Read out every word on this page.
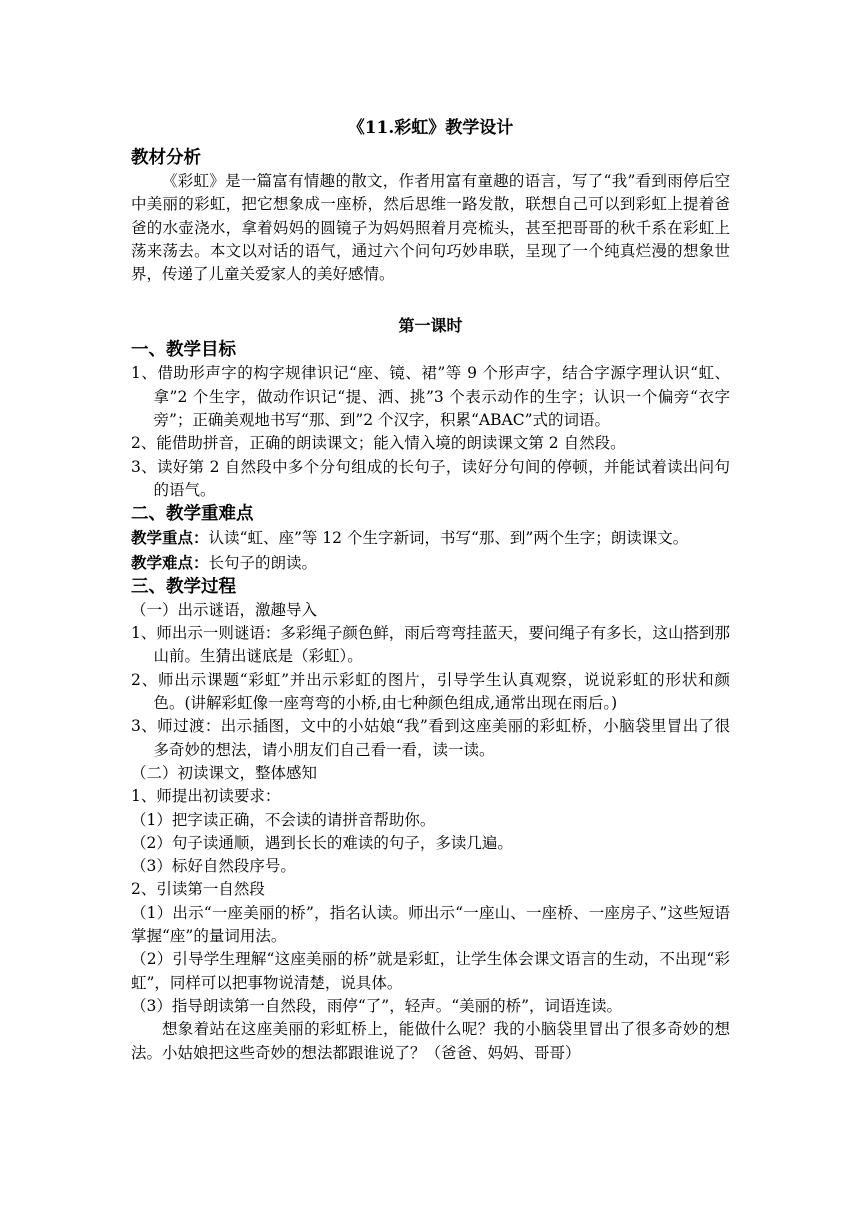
《11.彩虹》教学设计

教材分析

《彩虹》是一篇富有情趣的散文，作者用富有童趣的语言，写了“我”看到雨停后空中美丽的彩虹，把它想象成一座桥，然后思维一路发散，联想自己可以到彩虹上提着爸爸的水壶浇水，拿着妈妈的圆镜子为妈妈照着月亮梳头，甚至把哥哥的秋千系在彩虹上荡来荡去。本文以对话的语气，通过六个问句巧妙串联，呈现了一个纯真烂漫的想象世界，传递了儿童关爱家人的美好感情。

第一课时

一、教学目标

1、借助形声字的构字规律识记“座、镜、裙”等 9 个形声字，结合字源字理认识“虹、拿”2 个生字，做动作识记“提、洒、挑”3 个表示动作的生字；认识一个偏旁“衣字旁”；正确美观地书写“那、到”2 个汉字，积累“ABAC”式的词语。

2、能借助拼音，正确的朗读课文；能入情入境的朗读课文第 2 自然段。

3、读好第 2 自然段中多个分句组成的长句子，读好分句间的停顿，并能试着读出问句的语气。

二、教学重难点

教学重点：认读“虹、座”等 12 个生字新词，书写“那、到”两个生字；朗读课文。

教学难点：长句子的朗读。

三、教学过程

（一）出示谜语，激趣导入

1、师出示一则谜语：多彩绳子颜色鲜，雨后弯弯挂蓝天，要问绳子有多长，这山搭到那山前。生猜出谜底是（彩虹）。

2、师出示课题“彩虹”并出示彩虹的图片，引导学生认真观察，说说彩虹的形状和颜色。(讲解彩虹像一座弯弯的小桥,由七种颜色组成,通常出现在雨后。)

3、师过渡：出示插图，文中的小姑娘“我”看到这座美丽的彩虹桥，小脑袋里冒出了很多奇妙的想法，请小朋友们自己看一看，读一读。

（二）初读课文，整体感知

1、师提出初读要求：

（1）把字读正确，不会读的请拼音帮助你。

（2）句子读通顺，遇到长长的难读的句子，多读几遍。

（3）标好自然段序号。

2、引读第一自然段

（1）出示“一座美丽的桥”，指名认读。师出示“一座山、一座桥、一座房子、”这些短语掌握“座”的量词用法。

（2）引导学生理解“这座美丽的桥”就是彩虹，让学生体会课文语言的生动，不出现“彩虹”，同样可以把事物说清楚，说具体。

（3）指导朗读第一自然段，雨停“了”，轻声。“美丽的桥”，词语连读。

想象着站在这座美丽的彩虹桥上，能做什么呢？我的小脑袋里冒出了很多奇妙的想法。小姑娘把这些奇妙的想法都跟谁说了？（爸爸、妈妈、哥哥）
